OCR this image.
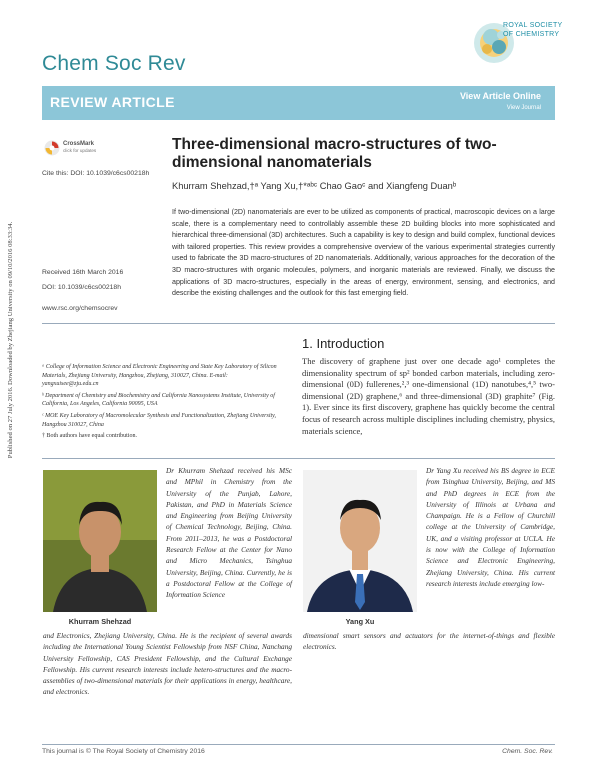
Chem Soc Rev
ROYAL SOCIETY
OF CHEMISTRY
REVIEW ARTICLE	View Article Online
View Journal
Published on 27 July 2016. Downloaded by Zhejiang University on 09/10/2016 08:33:34.
CrossMark
click for updates
Cite this: DOI: 10.1039/c6cs00218h
Three-dimensional macro-structures of two-dimensional nanomaterials
Khurram Shehzad,†ᵃ Yang Xu,†*ᵃᵇᶜ Chao Gaoᶜ and Xiangfeng Duanᵇ
If two-dimensional (2D) nanomaterials are ever to be utilized as components of practical, macroscopic devices on a large scale, there is a complementary need to controllably assemble these 2D building blocks into more sophisticated and hierarchical three-dimensional (3D) architectures. Such a capability is key to design and build complex, functional devices with tailored properties. This review provides a comprehensive overview of the various experimental strategies currently used to fabricate the 3D macro-structures of 2D nanomaterials. Additionally, various approaches for the decoration of the 3D macro-structures with organic molecules, polymers, and inorganic materials are reviewed. Finally, we discuss the applications of 3D macro-structures, especially in the areas of energy, environment, sensing, and electronics, and describe the existing challenges and the outlook for this fast emerging field.
Received 16th March 2016
DOI: 10.1039/c6cs00218h
www.rsc.org/chemsocrev

ᵃ College of Information Science and Electronic Engineering and State Key Laboratory of Silicon Materials, Zhejiang University, Hangzhou, Zhejiang, 310027, China. E-mail: yangxuisee@zju.edu.cn

ᵇ Department of Chemistry and Biochemistry and California Nanosystems Institute, University of California, Los Angeles, California 90095, USA

ᶜ MOE Key Laboratory of Macromolecular Synthesis and Functionalization, Zhejiang University, Hangzhou 310027, China

† Both authors have equal contribution.

1. Introduction
The discovery of graphene just over one decade ago¹ completes the dimensionality spectrum of sp² bonded carbon materials, including zero-dimensional (0D) fullerenes,²,³ one-dimensional (1D) nanotubes,⁴,⁵ two-dimensional (2D) graphene,⁶ and three-dimensional (3D) graphite⁷ (Fig. 1). Ever since its first discovery, graphene has quickly become the central focus of research across multiple disciplines including chemistry, physics, materials science,
Khurram Shehzad
Dr Khurram Shehzad received his MSc and MPhil in Chemistry from the University of the Punjab, Lahore, Pakistan, and PhD in Materials Science and Engineering from Beijing University of Chemical Technology, Beijing, China. From 2011–2013, he was a Postdoctoral Research Fellow at the Center for Nano and Micro Mechanics, Tsinghua University, Beijing, China. Currently, he is a Postdoctoral Fellow at the College of Information Science
and Electronics, Zhejiang University, China. He is the recipient of several awards including the International Young Scientist Fellowship from NSF China, Nanchang University Fellowship, CAS President Fellowship, and the Cultural Exchange Fellowship. His current research interests include hetero-structures and the macro-assemblies of two-dimensional materials for their applications in energy, healthcare, and electronics.
Yang Xu
Dr Yang Xu received his BS degree in ECE from Tsinghua University, Beijing, and MS and PhD degrees in ECE from the University of Illinois at Urbana and Champaign. He is a Fellow of Churchill college at the University of Cambridge, UK, and a visiting professor at UCLA. He is now with the College of Information Science and Electronic Engineering, Zhejiang University, China. His current research interests include emerging low-
dimensional smart sensors and actuators for the internet-of-things and flexible electronics.
This journal is © The Royal Society of Chemistry 2016	Chem. Soc. Rev.
